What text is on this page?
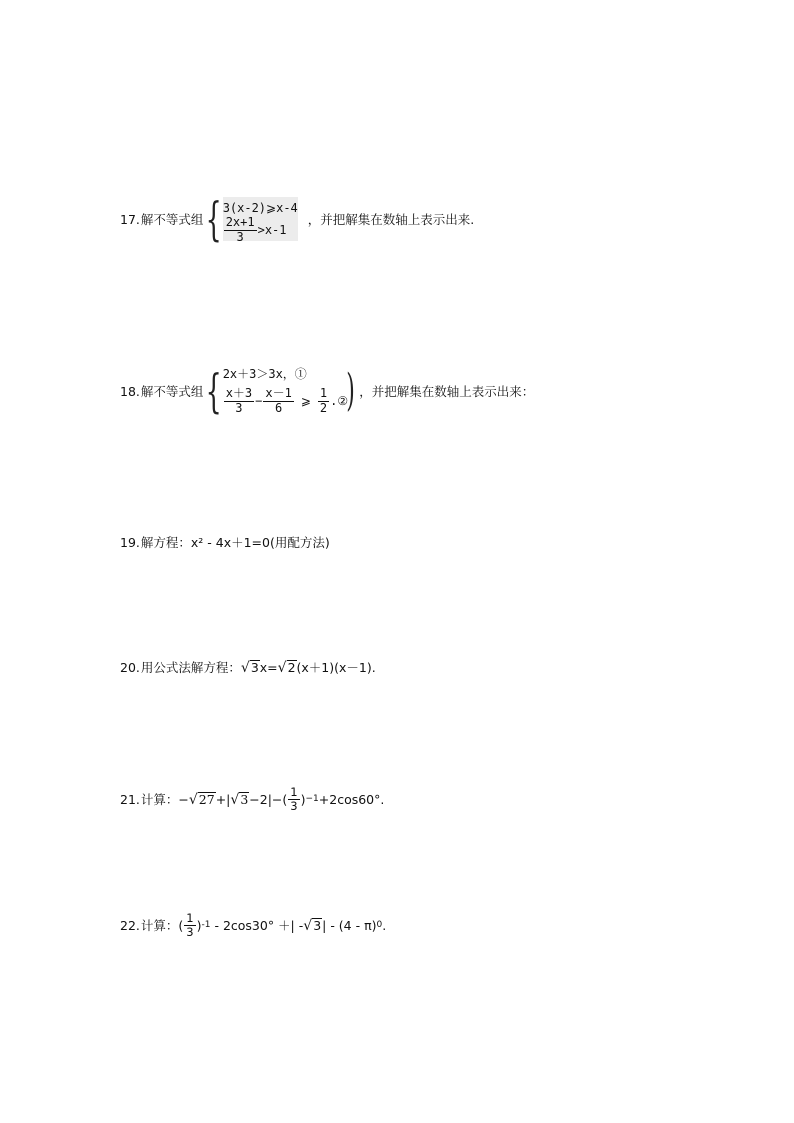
17. 解不等式组 { 3(x-2)⩾x-4
$\frac{2x+1}{3} >x-1$
，并把解集在数轴上表示出来.
18. 解不等式组 { 2x＋3＞3x，①
$\frac{x+3}{3} - \frac{x-1}{6}$ ⩾ $\frac{1}{2}$ .②
) ，并把解集在数轴上表示出来：
19. 解方程：x² - 4x＋1=0(用配方法)
20. 用公式法解方程： √ 3 x= √ 2 (x＋1)(x－1).
21. 计算：− √ 27 +| √ $3 -2|-( \frac{1}{3}$ ) −1 +2cos60°.
22. 计算：( $\frac{1}{3}$ ) -1 - 2cos30° ＋| - √ 3 | - (4 - π) 0 .
